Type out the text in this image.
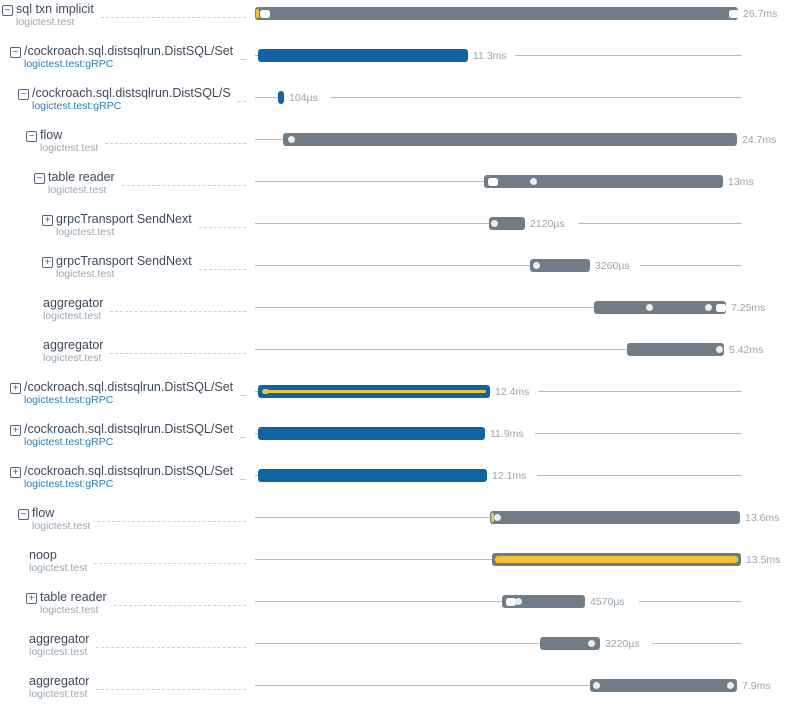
− sql txn implicit
logictest.test
26.7ms
− /cockroach.sql.distsqlrun.DistSQL/Set
logictest.test:gRPC
11.3ms
− /cockroach.sql.distsqlrun.DistSQL/S
logictest.test:gRPC
104µs
− flow
logictest.test
24.7ms
− table reader
logictest.test
13ms
+ grpcTransport SendNext
logictest.test
2120µs
+ grpcTransport SendNext
logictest.test
3260µs
aggregator
logictest.test
7.25ms
aggregator
logictest.test
5.42ms
+ /cockroach.sql.distsqlrun.DistSQL/Set
logictest.test:gRPC
12.4ms
+ /cockroach.sql.distsqlrun.DistSQL/Set
logictest.test:gRPC
11.9ms
+ /cockroach.sql.distsqlrun.DistSQL/Set
logictest.test:gRPC
12.1ms
− flow
logictest.test
13.6ms
noop
logictest.test
13.5ms
+ table reader
logictest.test
4570µs
aggregator
logictest.test
3220µs
aggregator
logictest.test
7.9ms
